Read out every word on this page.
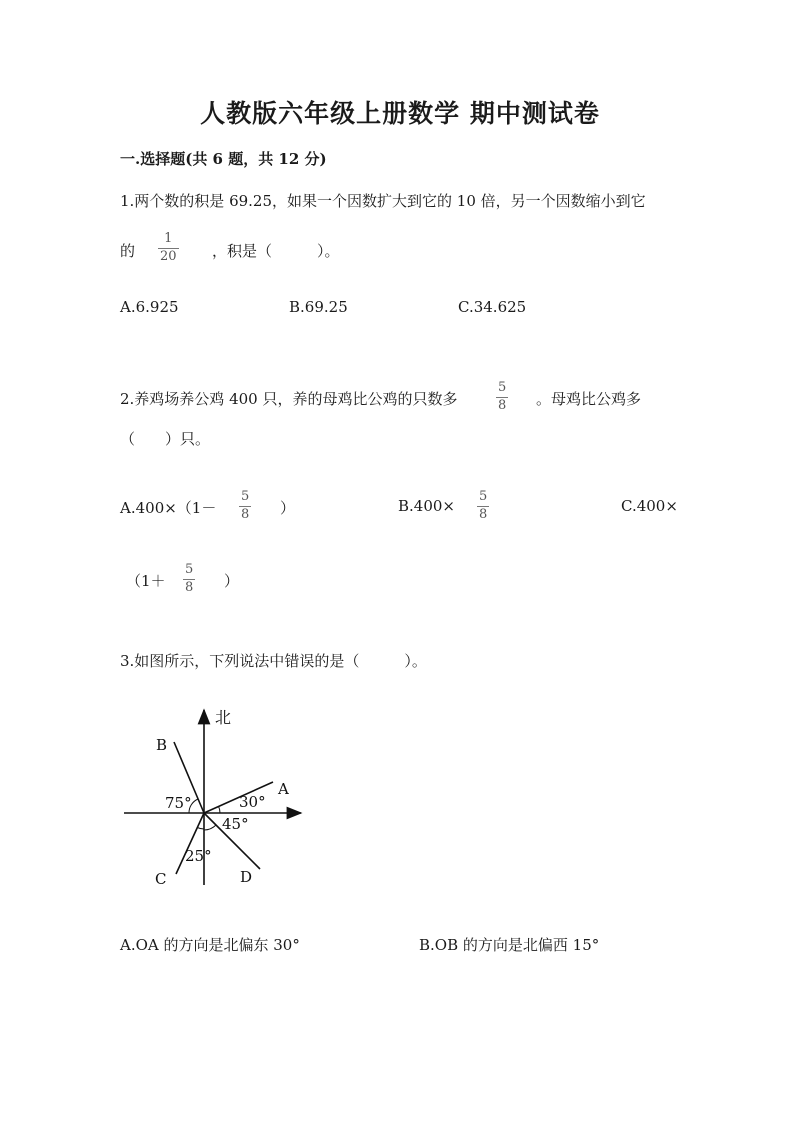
人教版六年级上册数学 期中测试卷
一.选择题(共 6 题，共 12 分)
1.两个数的积是 69.25，如果一个因数扩大到它的 10 倍，另一个因数缩小到它
的
1
20 ，积是（　　　）。
A.6.925	B.69.25	C.34.625
2.养鸡场养公鸡 400 只，养的母鸡比公鸡的只数多
5
8 。母鸡比公鸡多
（　　）只。
A.400×（1－
5
8 ）	B.400×
5
8	C.400×
（1＋
5
8 ）
3.如图所示，下列说法中错误的是（　　　）。
北
A
B
C	D
30°
75°
25°
45°
A.OA 的方向是北偏东 30°	B.OB 的方向是北偏西 15°
